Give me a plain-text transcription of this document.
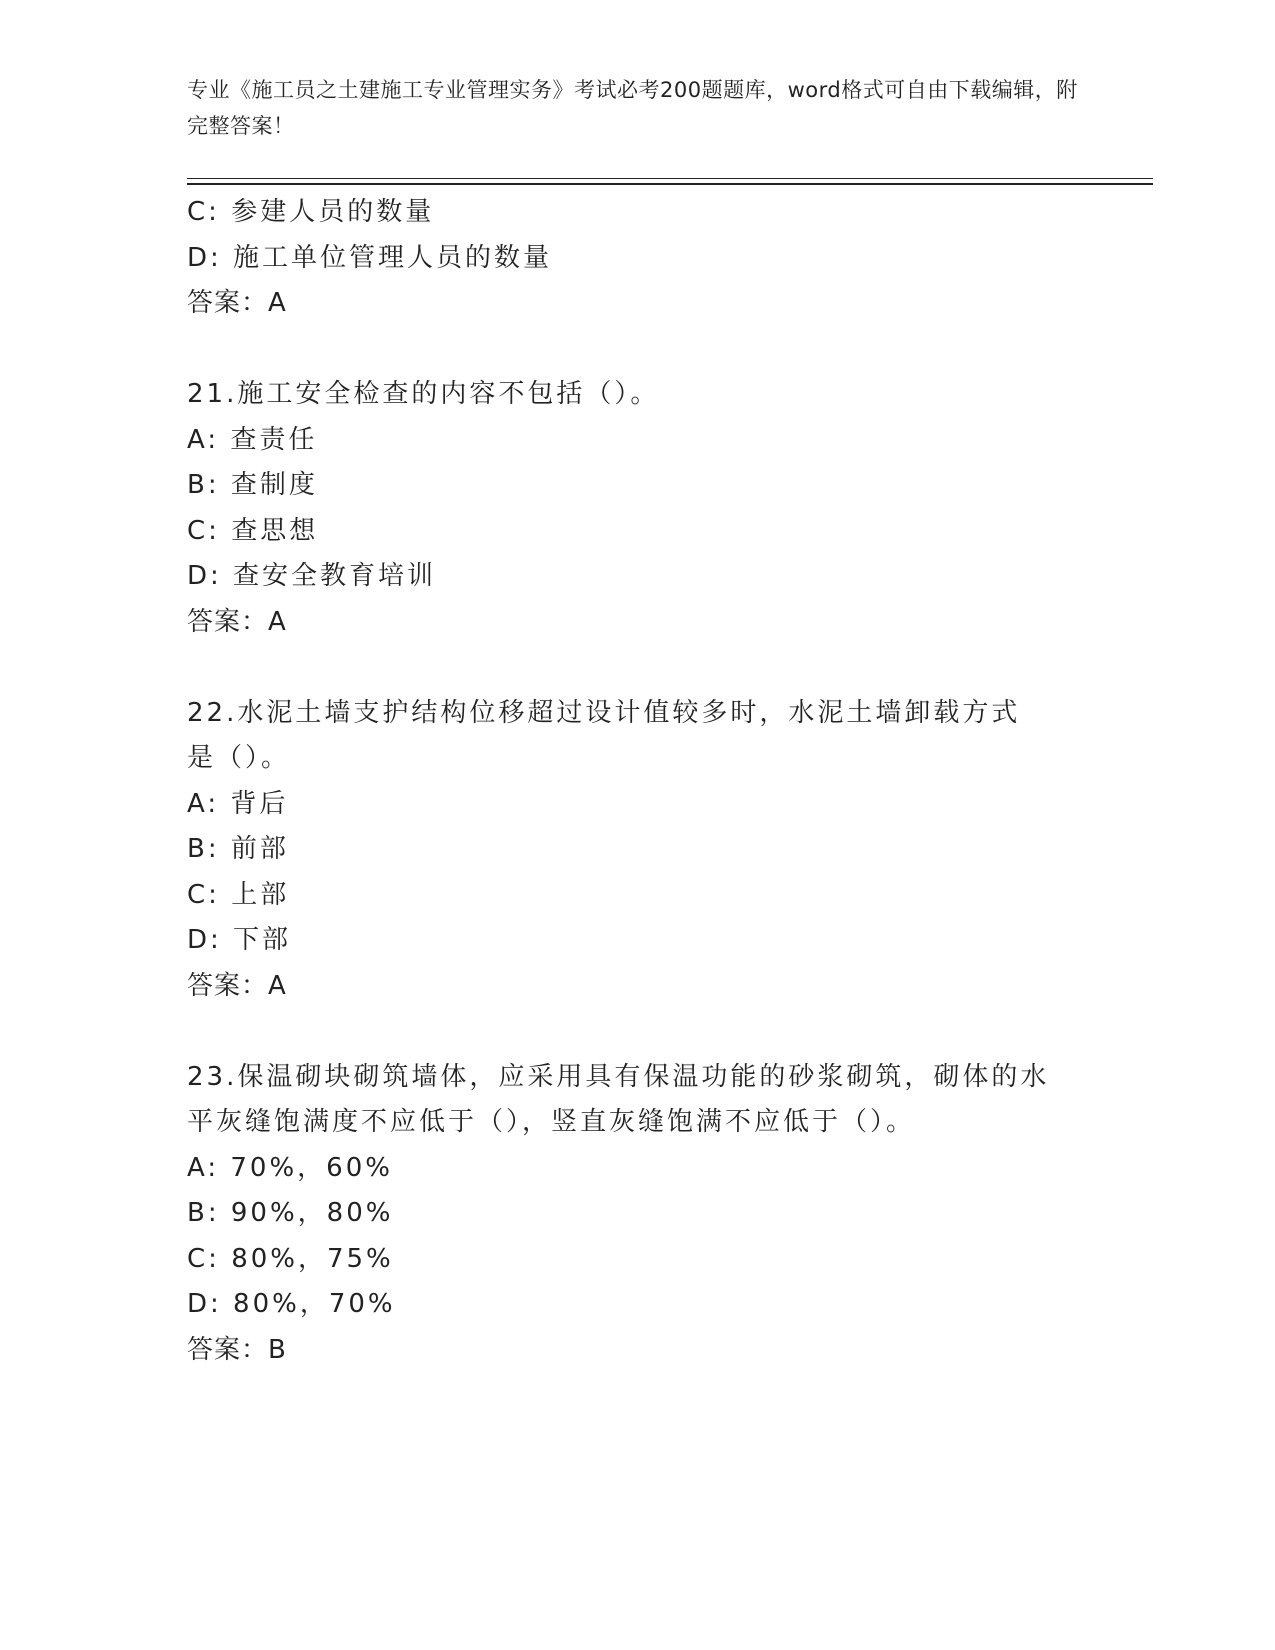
专业《施工员之土建施工专业管理实务》考试必考200题题库，word格式可自由下载编辑，附完整答案！
C: 参建人员的数量
D: 施工单位管理人员的数量
答案：A
21.施工安全检查的内容不包括（）。
A: 查责任
B: 查制度
C: 查思想
D: 查安全教育培训
答案：A
22.水泥土墙支护结构位移超过设计值较多时，水泥土墙卸载方式是（）。
A: 背后
B: 前部
C: 上部
D: 下部
答案：A
23.保温砌块砌筑墙体，应采用具有保温功能的砂浆砌筑，砌体的水平灰缝饱满度不应低于（），竖直灰缝饱满不应低于（）。
A: 70%，60%
B: 90%，80%
C: 80%，75%
D: 80%，70%
答案：B
